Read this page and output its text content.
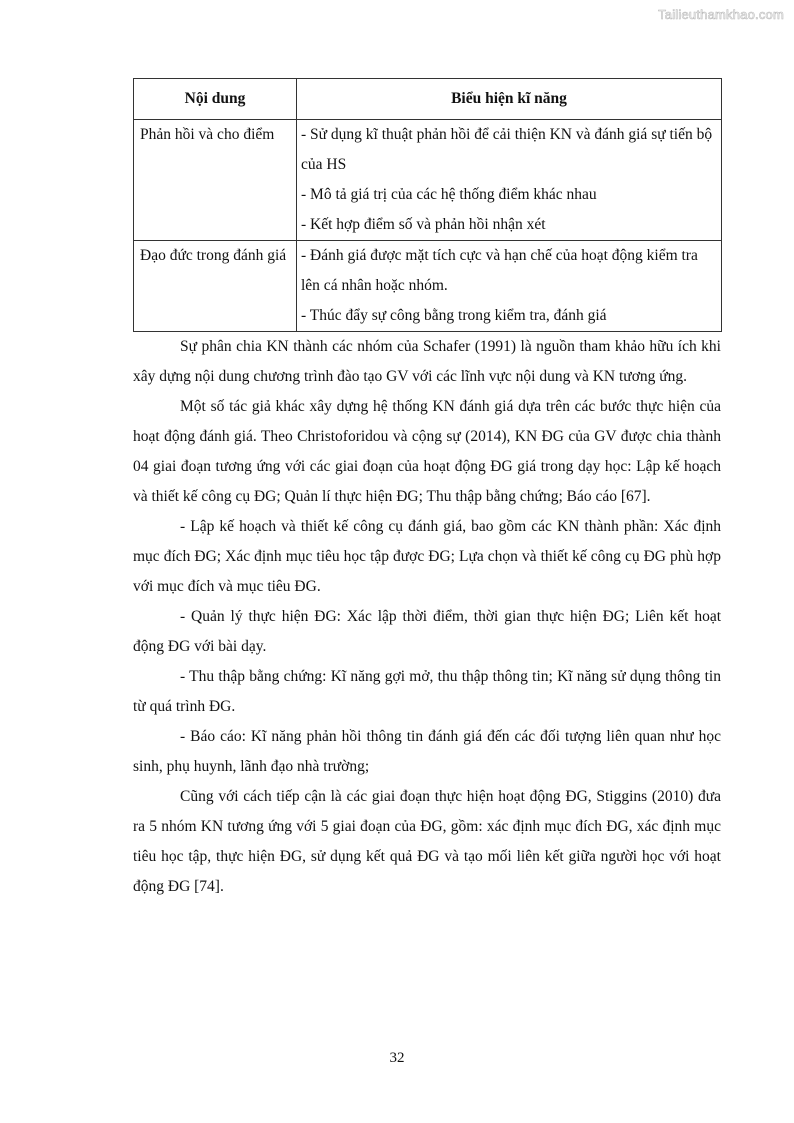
Tailieuthamkhao.com
Nội dung	Biểu hiện kĩ năng
Phản hồi và cho điểm	- Sử dụng kĩ thuật phản hồi để cải thiện KN và đánh giá sự tiến bộ của HS
- Mô tả giá trị của các hệ thống điểm khác nhau
- Kết hợp điểm số và phản hồi nhận xét

Đạo đức trong đánh giá	- Đánh giá được mặt tích cực và hạn chế của hoạt động kiểm tra lên cá nhân hoặc nhóm.
- Thúc đẩy sự công bằng trong kiểm tra, đánh giá

Sự phân chia KN thành các nhóm của Schafer (1991) là nguồn tham khảo hữu ích khi xây dựng nội dung chương trình đào tạo GV với các lĩnh vực nội dung và KN tương ứng.

Một số tác giả khác xây dựng hệ thống KN đánh giá dựa trên các bước thực hiện của hoạt động đánh giá. Theo Christoforidou và cộng sự (2014), KN ĐG của GV được chia thành 04 giai đoạn tương ứng với các giai đoạn của hoạt động ĐG giá trong dạy học: Lập kế hoạch và thiết kế công cụ ĐG; Quản lí thực hiện ĐG; Thu thập bằng chứng; Báo cáo [67].

- Lập kế hoạch và thiết kế công cụ đánh giá, bao gồm các KN thành phần: Xác định mục đích ĐG; Xác định mục tiêu học tập được ĐG; Lựa chọn và thiết kế công cụ ĐG phù hợp với mục đích và mục tiêu ĐG.

- Quản lý thực hiện ĐG: Xác lập thời điểm, thời gian thực hiện ĐG; Liên kết hoạt động ĐG với bài dạy.

- Thu thập bằng chứng: Kĩ năng gợi mở, thu thập thông tin; Kĩ năng sử dụng thông tin từ quá trình ĐG.

- Báo cáo: Kĩ năng phản hồi thông tin đánh giá đến các đối tượng liên quan như học sinh, phụ huynh, lãnh đạo nhà trường;

Cũng với cách tiếp cận là các giai đoạn thực hiện hoạt động ĐG, Stiggins (2010) đưa ra 5 nhóm KN tương ứng với 5 giai đoạn của ĐG, gồm: xác định mục đích ĐG, xác định mục tiêu học tập, thực hiện ĐG, sử dụng kết quả ĐG và tạo mối liên kết giữa người học với hoạt động ĐG [74].

32
